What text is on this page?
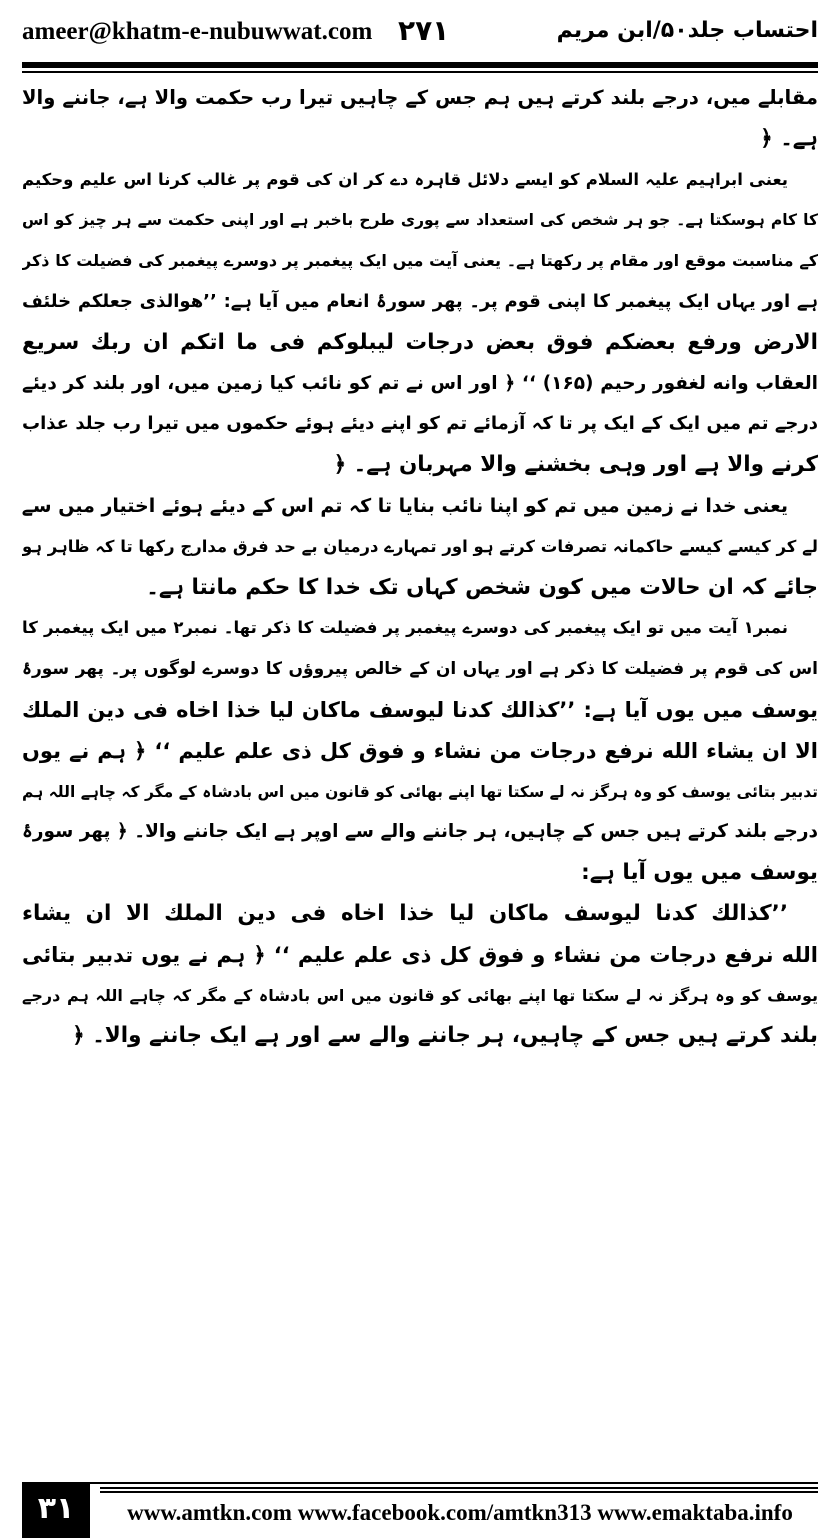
ameer@khatm-e-nubuwwat.com ۲۷۱	احتساب جلد۵۰/ابن مریم
مقابلے میں، درجے بلند کرتے ہیں ہم جس کے چاہیں تیرا رب حکمت والا ہے، جاننے والا
ہے۔ ﴿
یعنی ابراہیم علیہ السلام کو ایسے دلائل قاہرہ دے کر ان کی قوم پر غالب کرنا اس علیم وحکیم
کا کام ہوسکتا ہے۔ جو ہر شخص کی استعداد سے پوری طرح باخبر ہے اور اپنی حکمت سے ہر چیز کو اس
کے مناسبت موقع اور مقام پر رکھتا ہے۔ یعنی آیت میں ایک پیغمبر پر دوسرے پیغمبر کی فضیلت کا ذکر
ہے اور یہاں ایک پیغمبر کا اپنی قوم پر۔ پھر سورۂ انعام میں آیا ہے: ’’ھوالذی جعلکم خلئف
الارض ورفع بعضکم فوق بعض درجات لیبلوکم فی ما اتکم ان ربك سریع
العقاب وانه لغفور رحیم (۱۶۵) ‘‘ ﴿ اور اس نے تم کو نائب کیا زمین میں، اور بلند کر دیئے
درجے تم میں ایک کے ایک پر تا کہ آزمائے تم کو اپنے دیئے ہوئے حکموں میں تیرا رب جلد عذاب
کرنے والا ہے اور وہی بخشنے والا مہربان ہے۔ ﴿
یعنی خدا نے زمین میں تم کو اپنا نائب بنایا تا کہ تم اس کے دیئے ہوئے اختیار میں سے
لے کر کیسے کیسے حاکمانہ تصرفات کرتے ہو اور تمہارے درمیان بے حد فرق مدارج رکھا تا کہ ظاہر ہو
جائے کہ ان حالات میں کون شخص کہاں تک خدا کا حکم مانتا ہے۔
نمبر۱ آیت میں تو ایک پیغمبر کی دوسرے پیغمبر پر فضیلت کا ذکر تھا۔ نمبر۲ میں ایک پیغمبر کا
اس کی قوم پر فضیلت کا ذکر ہے اور یہاں ان کے خالص پیروؤں کا دوسرے لوگوں پر۔ پھر سورۂ
یوسف میں یوں آیا ہے: ’’کذالك كدنا ليوسف ماكان ليا خذا اخاه فى دين الملك
الا ان یشاء الله نرفع درجات من نشاء و فوق کل ذی علم علیم ‘‘ ﴿ ہم نے یوں
تدبیر بتائی یوسف کو وہ ہرگز نہ لے سکتا تھا اپنے بھائی کو قانون میں اس بادشاہ کے مگر کہ چاہے اللہ ہم
درجے بلند کرتے ہیں جس کے چاہیں، ہر جاننے والے سے اوپر ہے ایک جاننے والا۔ ﴿ پھر سورۂ
یوسف میں یوں آیا ہے:
’’کذالك كدنا ليوسف ماكان ليا خذا اخاه فى دين الملك الا ان یشاء
الله نرفع درجات من نشاء و فوق کل ذی علم علیم ‘‘ ﴿ ہم نے یوں تدبیر بتائی
یوسف کو وہ ہرگز نہ لے سکتا تھا اپنے بھائی کو قانون میں اس بادشاہ کے مگر کہ چاہے اللہ ہم درجے
بلند کرتے ہیں جس کے چاہیں، ہر جاننے والے سے اور ہے ایک جاننے والا۔ ﴿
۳۱	www.amtkn.com www.facebook.com/amtkn313 www.emaktaba.info
